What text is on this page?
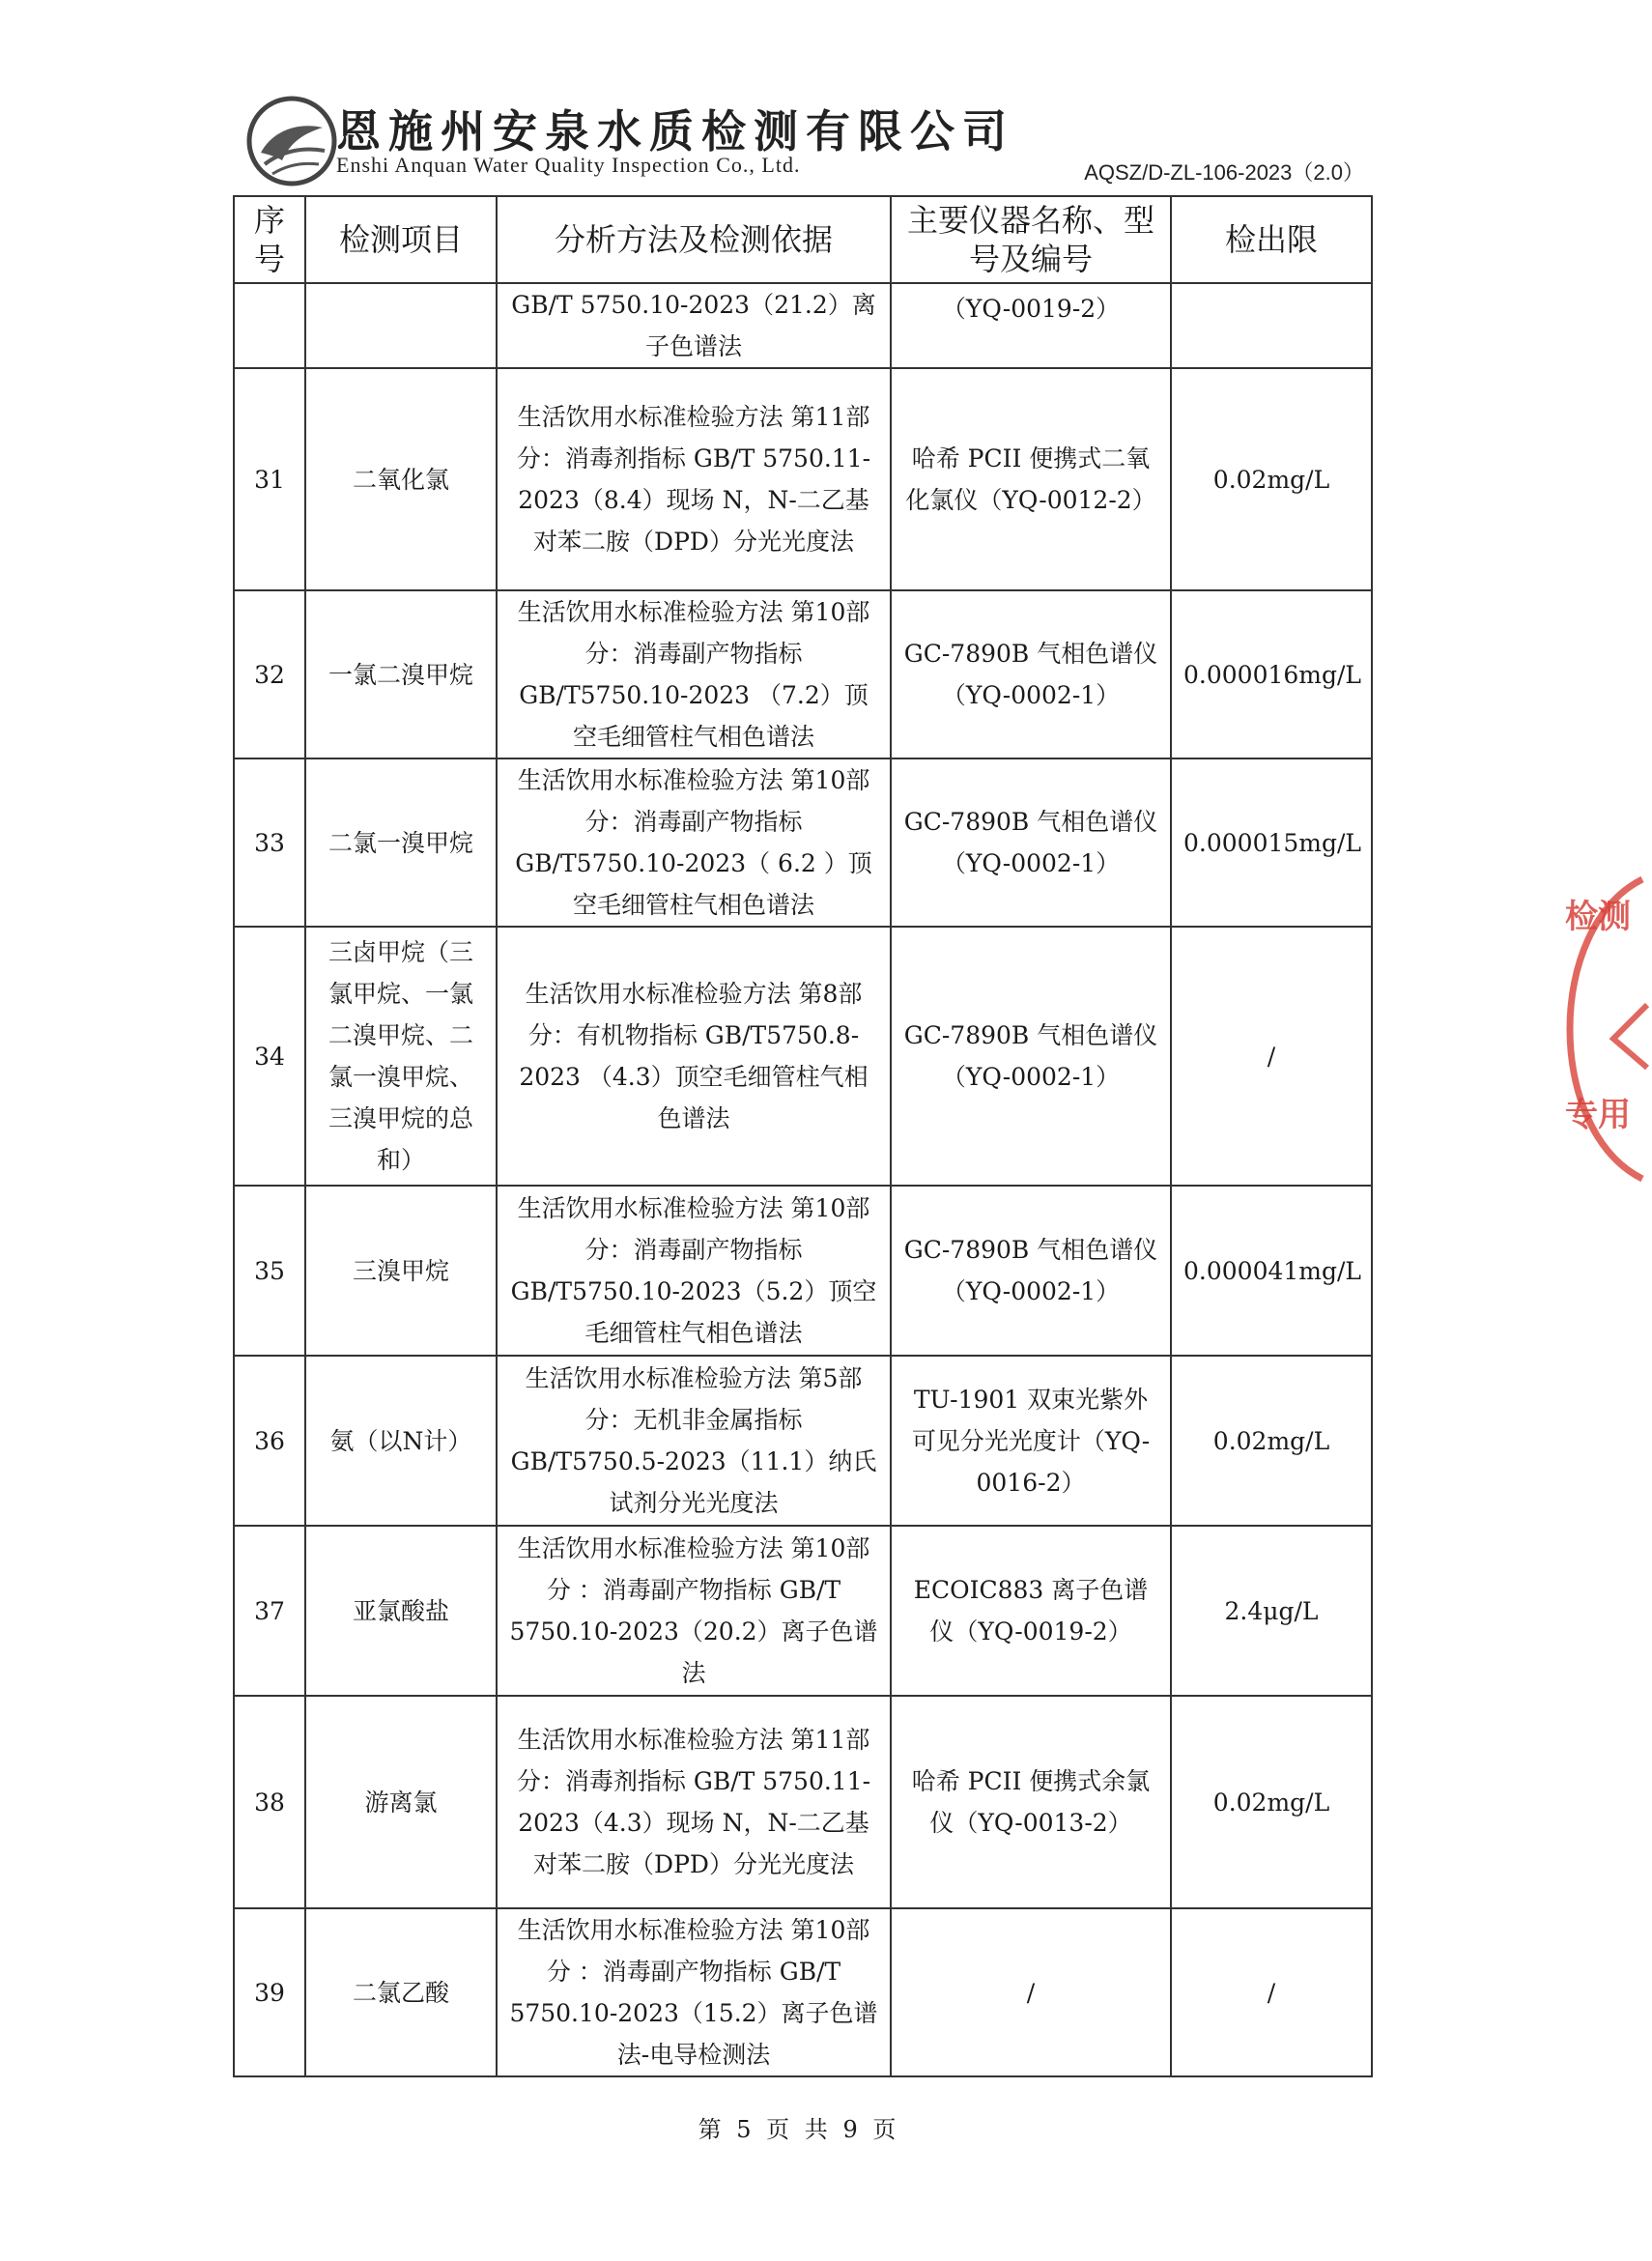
恩施州安泉水质检测有限公司
Enshi Anquan Water Quality Inspection Co., Ltd.	AQSZ/D-ZL-106-2023（2.0）
序号	检测项目	分析方法及检测依据	主要仪器名称、型号及编号	检出限
		GB/T 5750.10-2023（21.2）离子色谱法	（YQ-0019-2）	
31	二氧化氯	生活饮用水标准检验方法 第11部分：消毒剂指标 GB/T 5750.11-2023（8.4）现场 N，N-二乙基对苯二胺（DPD）分光光度法	哈希 PCII 便携式二氧化氯仪（YQ-0012-2）	0.02mg/L
32	一氯二溴甲烷	生活饮用水标准检验方法 第10部分：消毒副产物指标 GB/T5750.10-2023 （7.2）顶空毛细管柱气相色谱法	GC-7890B 气相色谱仪（YQ-0002-1）	0.000016mg/L
33	二氯一溴甲烷	生活饮用水标准检验方法 第10部分：消毒副产物指标 GB/T5750.10-2023（ 6.2 ）顶空毛细管柱气相色谱法	GC-7890B 气相色谱仪（YQ-0002-1）	0.000015mg/L
34	三卤甲烷（三氯甲烷、一氯二溴甲烷、二氯一溴甲烷、三溴甲烷的总和）	生活饮用水标准检验方法 第8部分：有机物指标 GB/T5750.8-2023 （4.3）顶空毛细管柱气相色谱法	GC-7890B 气相色谱仪（YQ-0002-1）	/
35	三溴甲烷	生活饮用水标准检验方法 第10部分：消毒副产物指标 GB/T5750.10-2023（5.2）顶空毛细管柱气相色谱法	GC-7890B 气相色谱仪（YQ-0002-1）	0.000041mg/L
36	氨（以N计）	生活饮用水标准检验方法 第5部分：无机非金属指标 GB/T5750.5-2023（11.1）纳氏试剂分光光度法	TU-1901 双束光紫外可见分光光度计（YQ-0016-2）	0.02mg/L
37	亚氯酸盐	生活饮用水标准检验方法 第10部分 ：消毒副产物指标 GB/T 5750.10-2023（20.2）离子色谱法	ECOIC883 离子色谱仪（YQ-0019-2）	2.4μg/L
38	游离氯	生活饮用水标准检验方法 第11部分：消毒剂指标 GB/T 5750.11-2023（4.3）现场 N，N-二乙基对苯二胺（DPD）分光光度法	哈希 PCII 便携式余氯仪（YQ-0013-2）	0.02mg/L
39	二氯乙酸	生活饮用水标准检验方法 第10部分 ：消毒副产物指标 GB/T 5750.10-2023（15.2）离子色谱法-电导检测法	/	/
第 5 页 共 9 页
检测
专用
